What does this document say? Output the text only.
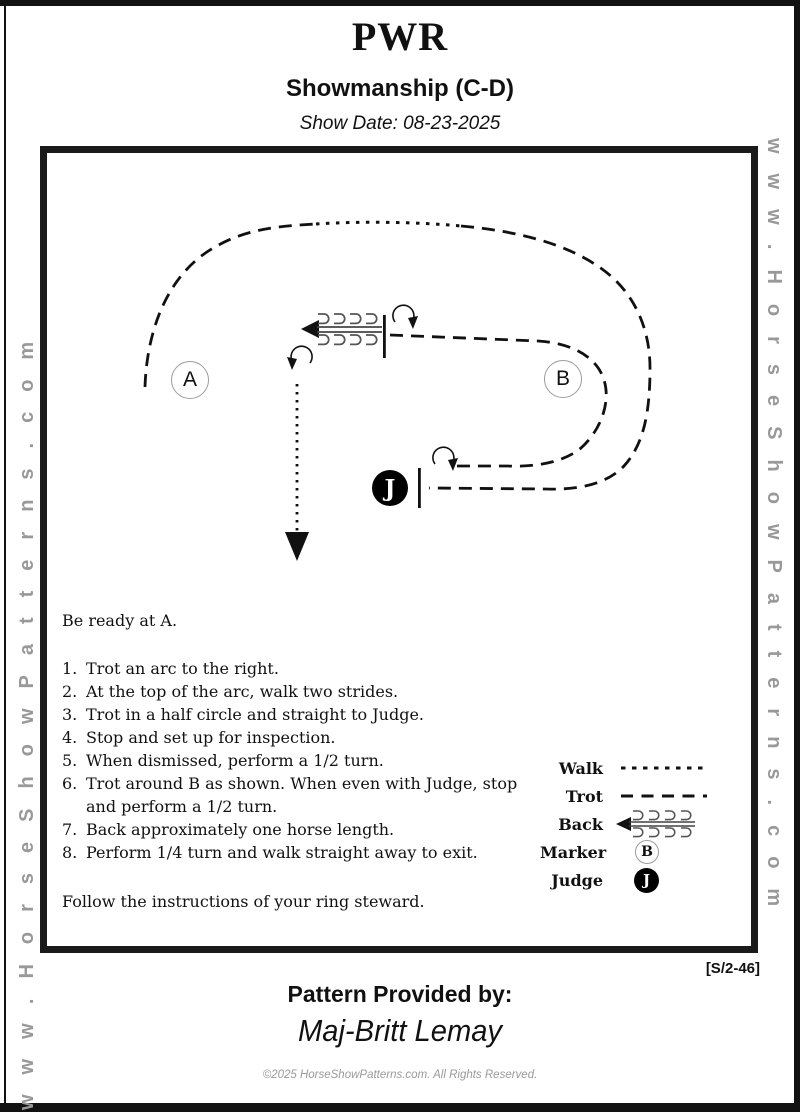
PWR
Showmanship (C-D)
Show Date: 08-23-2025
www.HorseShowPatterns.com	www.HorseShowPatterns.com
A	B
J
Be ready at A.
1. Trot an arc to the right.
2. At the top of the arc, walk two strides.
3. Trot in a half circle and straight to Judge.
4. Stop and set up for inspection.
5. When dismissed, perform a 1/2 turn.
6. Trot around B as shown. When even with Judge, stop and perform a 1/2 turn.
7. Back approximately one horse length.
8. Perform 1/4 turn and walk straight away to exit.
Follow the instructions of your ring steward.
Walk
Trot
Back
Marker B
Judge	J
[S/2-46]
Pattern Provided by:
Maj-Britt Lemay
©2025 HorseShowPatterns.com. All Rights Reserved.
